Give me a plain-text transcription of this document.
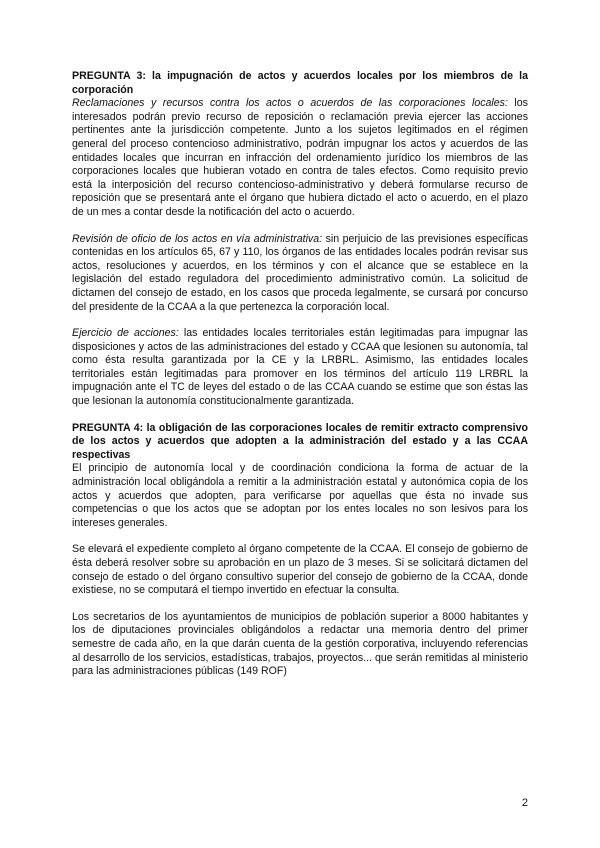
PREGUNTA 3: la impugnación de actos y acuerdos locales por los miembros de la corporación

Reclamaciones y recursos contra los actos o acuerdos de las corporaciones locales: los interesados podrán previo recurso de reposición o reclamación previa ejercer las acciones pertinentes ante la jurisdicción competente. Junto a los sujetos legitimados en el régimen general del proceso contencioso administrativo, podrán impugnar los actos y acuerdos de las entidades locales que incurran en infracción del ordenamiento jurídico los miembros de las corporaciones locales que hubieran votado en contra de tales efectos. Como requisito previo está la interposición del recurso contencioso-administrativo y deberá formularse recurso de reposición que se presentará ante el órgano que hubiera dictado el acto o acuerdo, en el plazo de un mes a contar desde la notificación del acto o acuerdo.

Revisión de oficio de los actos en vía administrativa: sin perjuicio de las previsiones específicas contenidas en los artículos 65, 67 y 110, los órganos de las entidades locales podrán revisar sus actos, resoluciones y acuerdos, en los términos y con el alcance que se establece en la legislación del estado reguladora del procedimiento administrativo común. La solicitud de dictamen del consejo de estado, en los casos que proceda legalmente, se cursará por concurso del presidente de la CCAA a la que pertenezca la corporación local.

Ejercicio de acciones: las entidades locales territoriales están legitimadas para impugnar las disposiciones y actos de las administraciones del estado y CCAA que lesionen su autonomía, tal como ésta resulta garantizada por la CE y la LRBRL. Asimismo, las entidades locales territoriales están legitimadas para promover en los términos del artículo 119 LRBRL la impugnación ante el TC de leyes del estado o de las CCAA cuando se estime que son éstas las que lesionan la autonomía constitucionalmente garantizada.

PREGUNTA 4: la obligación de las corporaciones locales de remitir extracto comprensivo de los actos y acuerdos que adopten a la administración del estado y a las CCAA respectivas

El principio de autonomía local y de coordinación condiciona la forma de actuar de la administración local obligándola a remitir a la administración estatal y autonómica copia de los actos y acuerdos que adopten, para verificarse por aquellas que ésta no invade sus competencias o que los actos que se adoptan por los entes locales no son lesivos para los intereses generales.

Se elevará el expediente completo al órgano competente de la CCAA. El consejo de gobierno de ésta deberá resolver sobre su aprobación en un plazo de 3 meses. Si se solicitará dictamen del consejo de estado o del órgano consultivo superior del consejo de gobierno de la CCAA, donde existiese, no se computará el tiempo invertido en efectuar la consulta.

Los secretarios de los ayuntamientos de municipios de población superior a 8000 habitantes y los de diputaciones provinciales obligándolos a redactar una memoria dentro del primer semestre de cada año, en la que darán cuenta de la gestión corporativa, incluyendo referencias al desarrollo de los servicios, estadísticas, trabajos, proyectos... que serán remitidas al ministerio para las administraciones públicas (149 ROF)

2
